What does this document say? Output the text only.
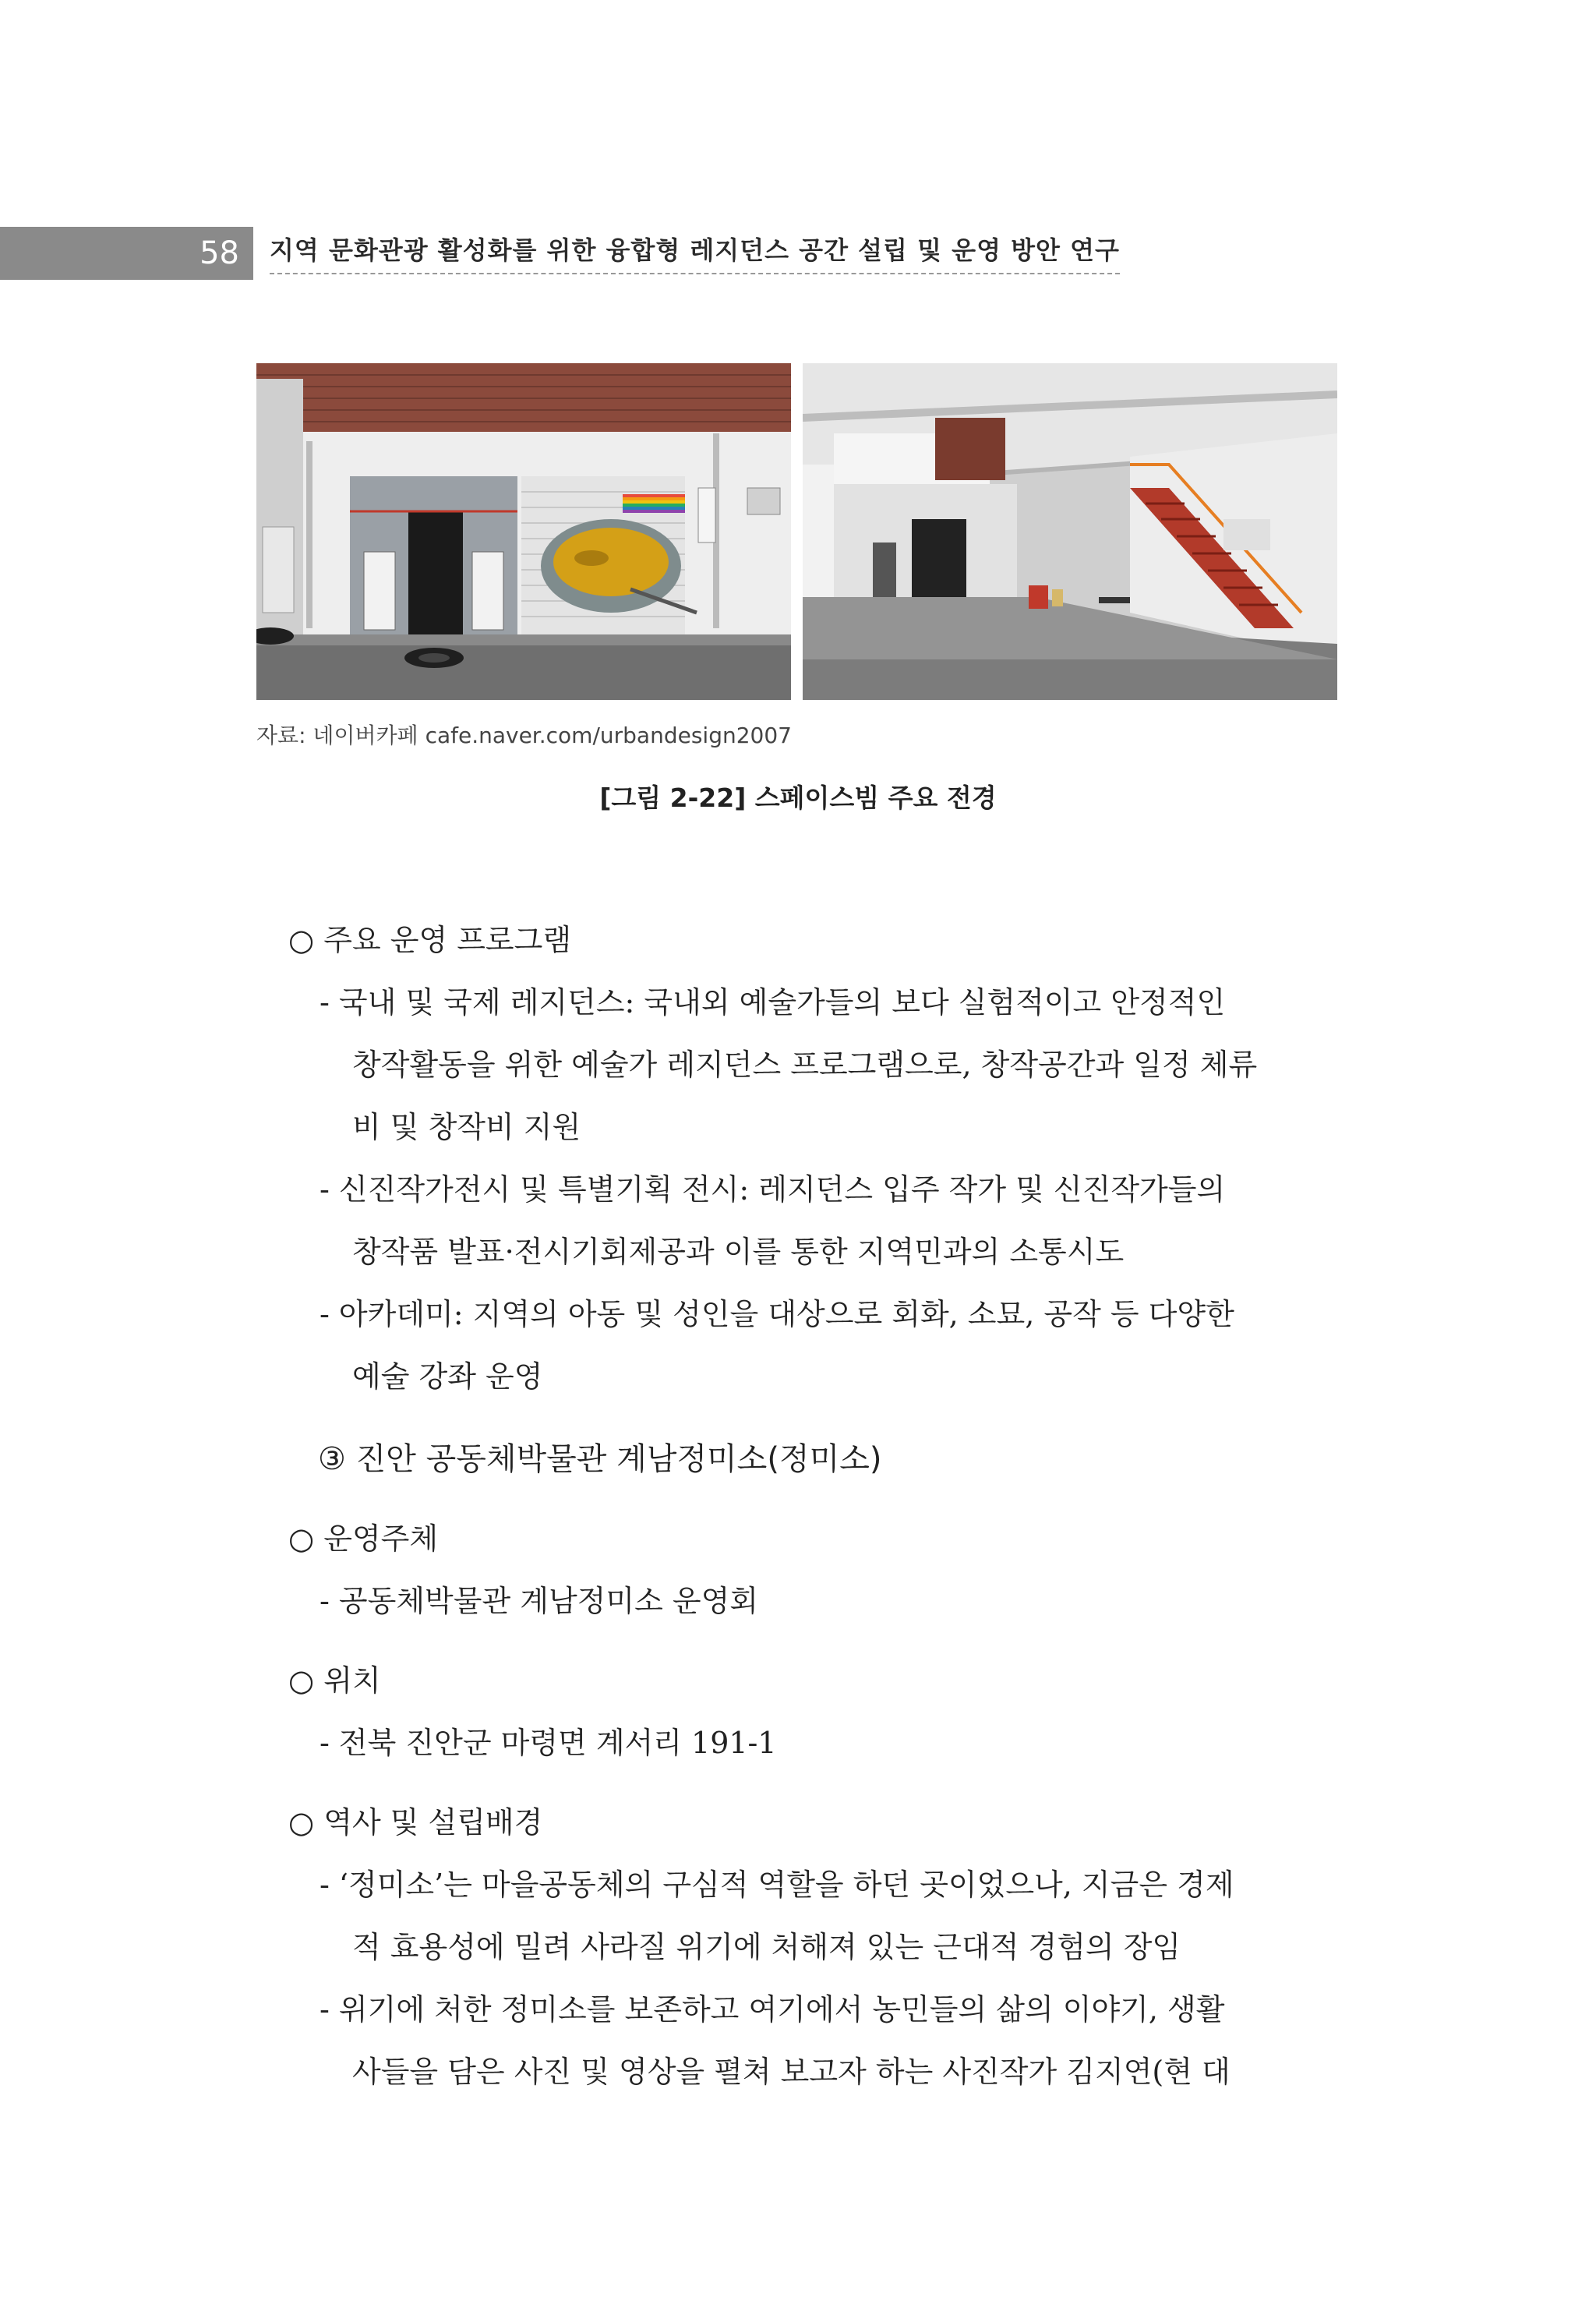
58	지역 문화관광 활성화를 위한 융합형 레지던스 공간 설립 및 운영 방안 연구
자료: 네이버카페 cafe.naver.com/urbandesign2007
[그림 2-22] 스페이스빔 주요 전경
○ 주요 운영 프로그램
- 국내 및 국제 레지던스: 국내외 예술가들의 보다 실험적이고 안정적인
창작활동을 위한 예술가 레지던스 프로그램으로, 창작공간과 일정 체류
비 및 창작비 지원
- 신진작가전시 및 특별기획 전시: 레지던스 입주 작가 및 신진작가들의
창작품 발표·전시기회제공과 이를 통한 지역민과의 소통시도
- 아카데미: 지역의 아동 및 성인을 대상으로 회화, 소묘, 공작 등 다양한
예술 강좌 운영
③ 진안 공동체박물관 계남정미소(정미소)
○ 운영주체
- 공동체박물관 계남정미소 운영회
○ 위치
- 전북 진안군 마령면 계서리 191-1
○ 역사 및 설립배경
- ‘정미소’는 마을공동체의 구심적 역할을 하던 곳이었으나, 지금은 경제
적 효용성에 밀려 사라질 위기에 처해져 있는 근대적 경험의 장임
- 위기에 처한 정미소를 보존하고 여기에서 농민들의 삶의 이야기, 생활
사들을 담은 사진 및 영상을 펼쳐 보고자 하는 사진작가 김지연(현 대
